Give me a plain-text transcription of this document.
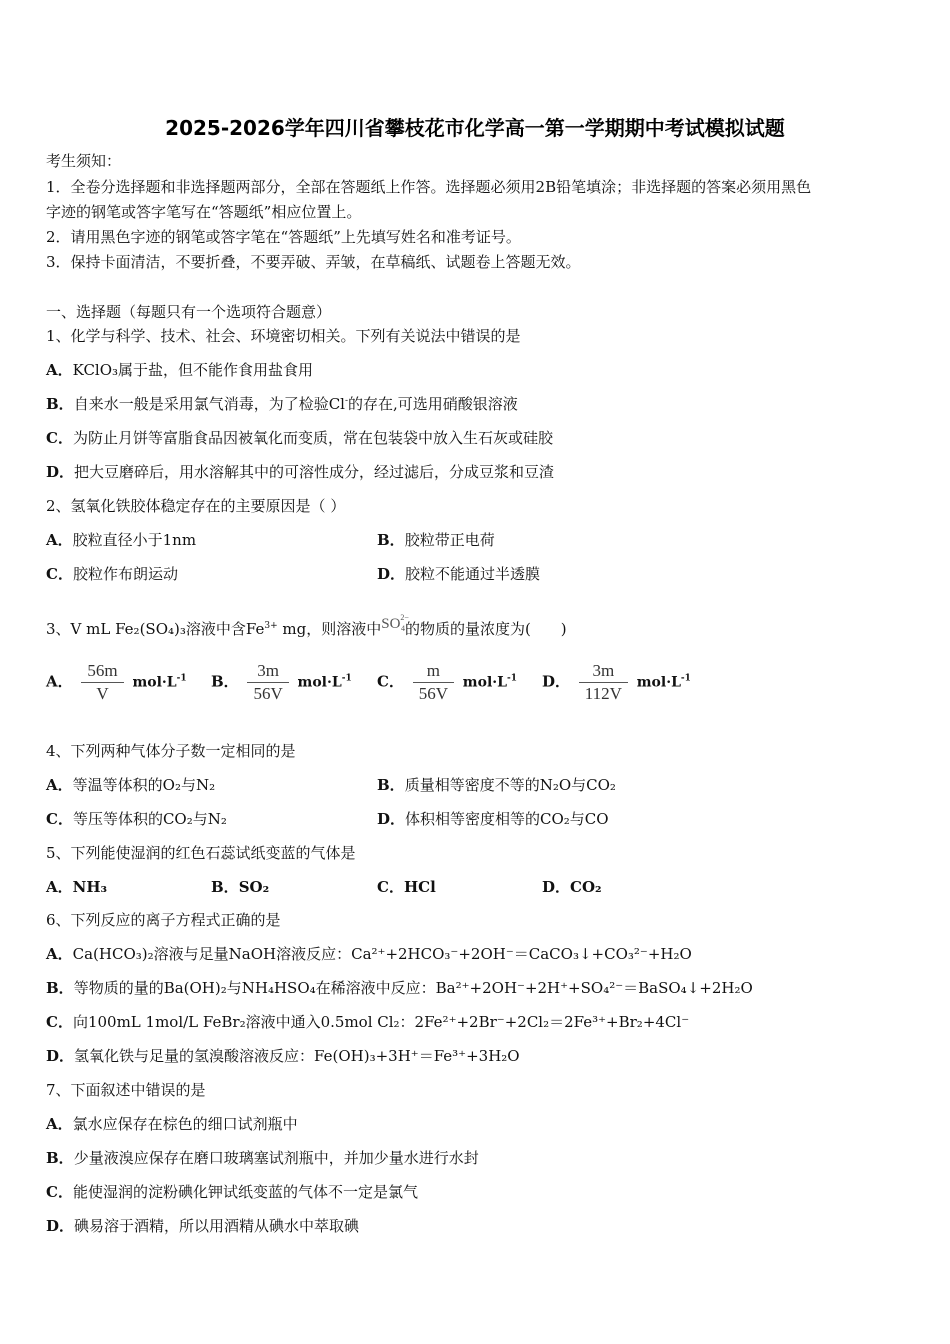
2025-2026学年四川省攀枝花市化学高一第一学期期中考试模拟试题
考生须知：
1．全卷分选择题和非选择题两部分，全部在答题纸上作答。选择题必须用2B铅笔填涂；非选择题的答案必须用黑色
字迹的钢笔或答字笔写在“答题纸”相应位置上。
2．请用黑色字迹的钢笔或答字笔在“答题纸”上先填写姓名和准考证号。
3．保持卡面清洁，不要折叠，不要弄破、弄皱，在草稿纸、试题卷上答题无效。
一、选择题（每题只有一个选项符合题意）
1、化学与科学、技术、社会、环境密切相关。下列有关说法中错误的是
A．KClO₃属于盐，但不能作食用盐食用
B．自来水一般是采用氯气消毒，为了检验Cl-的存在,可选用硝酸银溶液
C．为防止月饼等富脂食品因被氧化而变质，常在包装袋中放入生石灰或硅胶
D．把大豆磨碎后，用水溶解其中的可溶性成分，经过滤后，分成豆浆和豆渣
2、氢氧化铁胶体稳定存在的主要原因是（ ）
A．胶粒直径小于1nm	B．胶粒带正电荷
C．胶粒作布朗运动	D．胶粒不能通过半透膜
3、V mL Fe₂(SO₄)₃溶液中含$Fe^{3+}$ mg，则溶液中$SO^{2-}_4$的物质的量浓度为(　　)
A． $\frac{56m}{V} mol\cdot L^{-1}$ B． $\frac{3m}{56V} mol\cdot L^{-1}$ C． $\frac{m}{56V} mol\cdot L^{-1}$ D． $\frac{3m}{112V} mol\cdot L^{-1}$
4、下列两种气体分子数一定相同的是
A．等温等体积的O₂与N₂	B．质量相等密度不等的N₂O与CO₂
C．等压等体积的CO₂与N₂	D．体积相等密度相等的CO₂与CO
5、下列能使湿润的红色石蕊试纸变蓝的气体是
A．NH₃	B．SO₂	C．HCl	D．CO₂
6、下列反应的离子方程式正确的是
A．Ca(HCO₃)₂溶液与足量NaOH溶液反应：Ca²⁺+2HCO₃⁻+2OH⁻＝CaCO₃↓+CO₃²⁻+H₂O
B．等物质的量的Ba(OH)₂与NH₄HSO₄在稀溶液中反应：Ba²⁺+2OH⁻+2H⁺+SO₄²⁻＝BaSO₄↓+2H₂O
C．向100mL 1mol/L FeBr₂溶液中通入0.5mol Cl₂：2Fe²⁺+2Br⁻+2Cl₂＝2Fe³⁺+Br₂+4Cl⁻
D．氢氧化铁与足量的氢溴酸溶液反应：Fe(OH)₃+3H⁺＝Fe³⁺+3H₂O
7、下面叙述中错误的是
A．氯水应保存在棕色的细口试剂瓶中
B．少量液溴应保存在磨口玻璃塞试剂瓶中，并加少量水进行水封
C．能使湿润的淀粉碘化钾试纸变蓝的气体不一定是氯气
D．碘易溶于酒精，所以用酒精从碘水中萃取碘
